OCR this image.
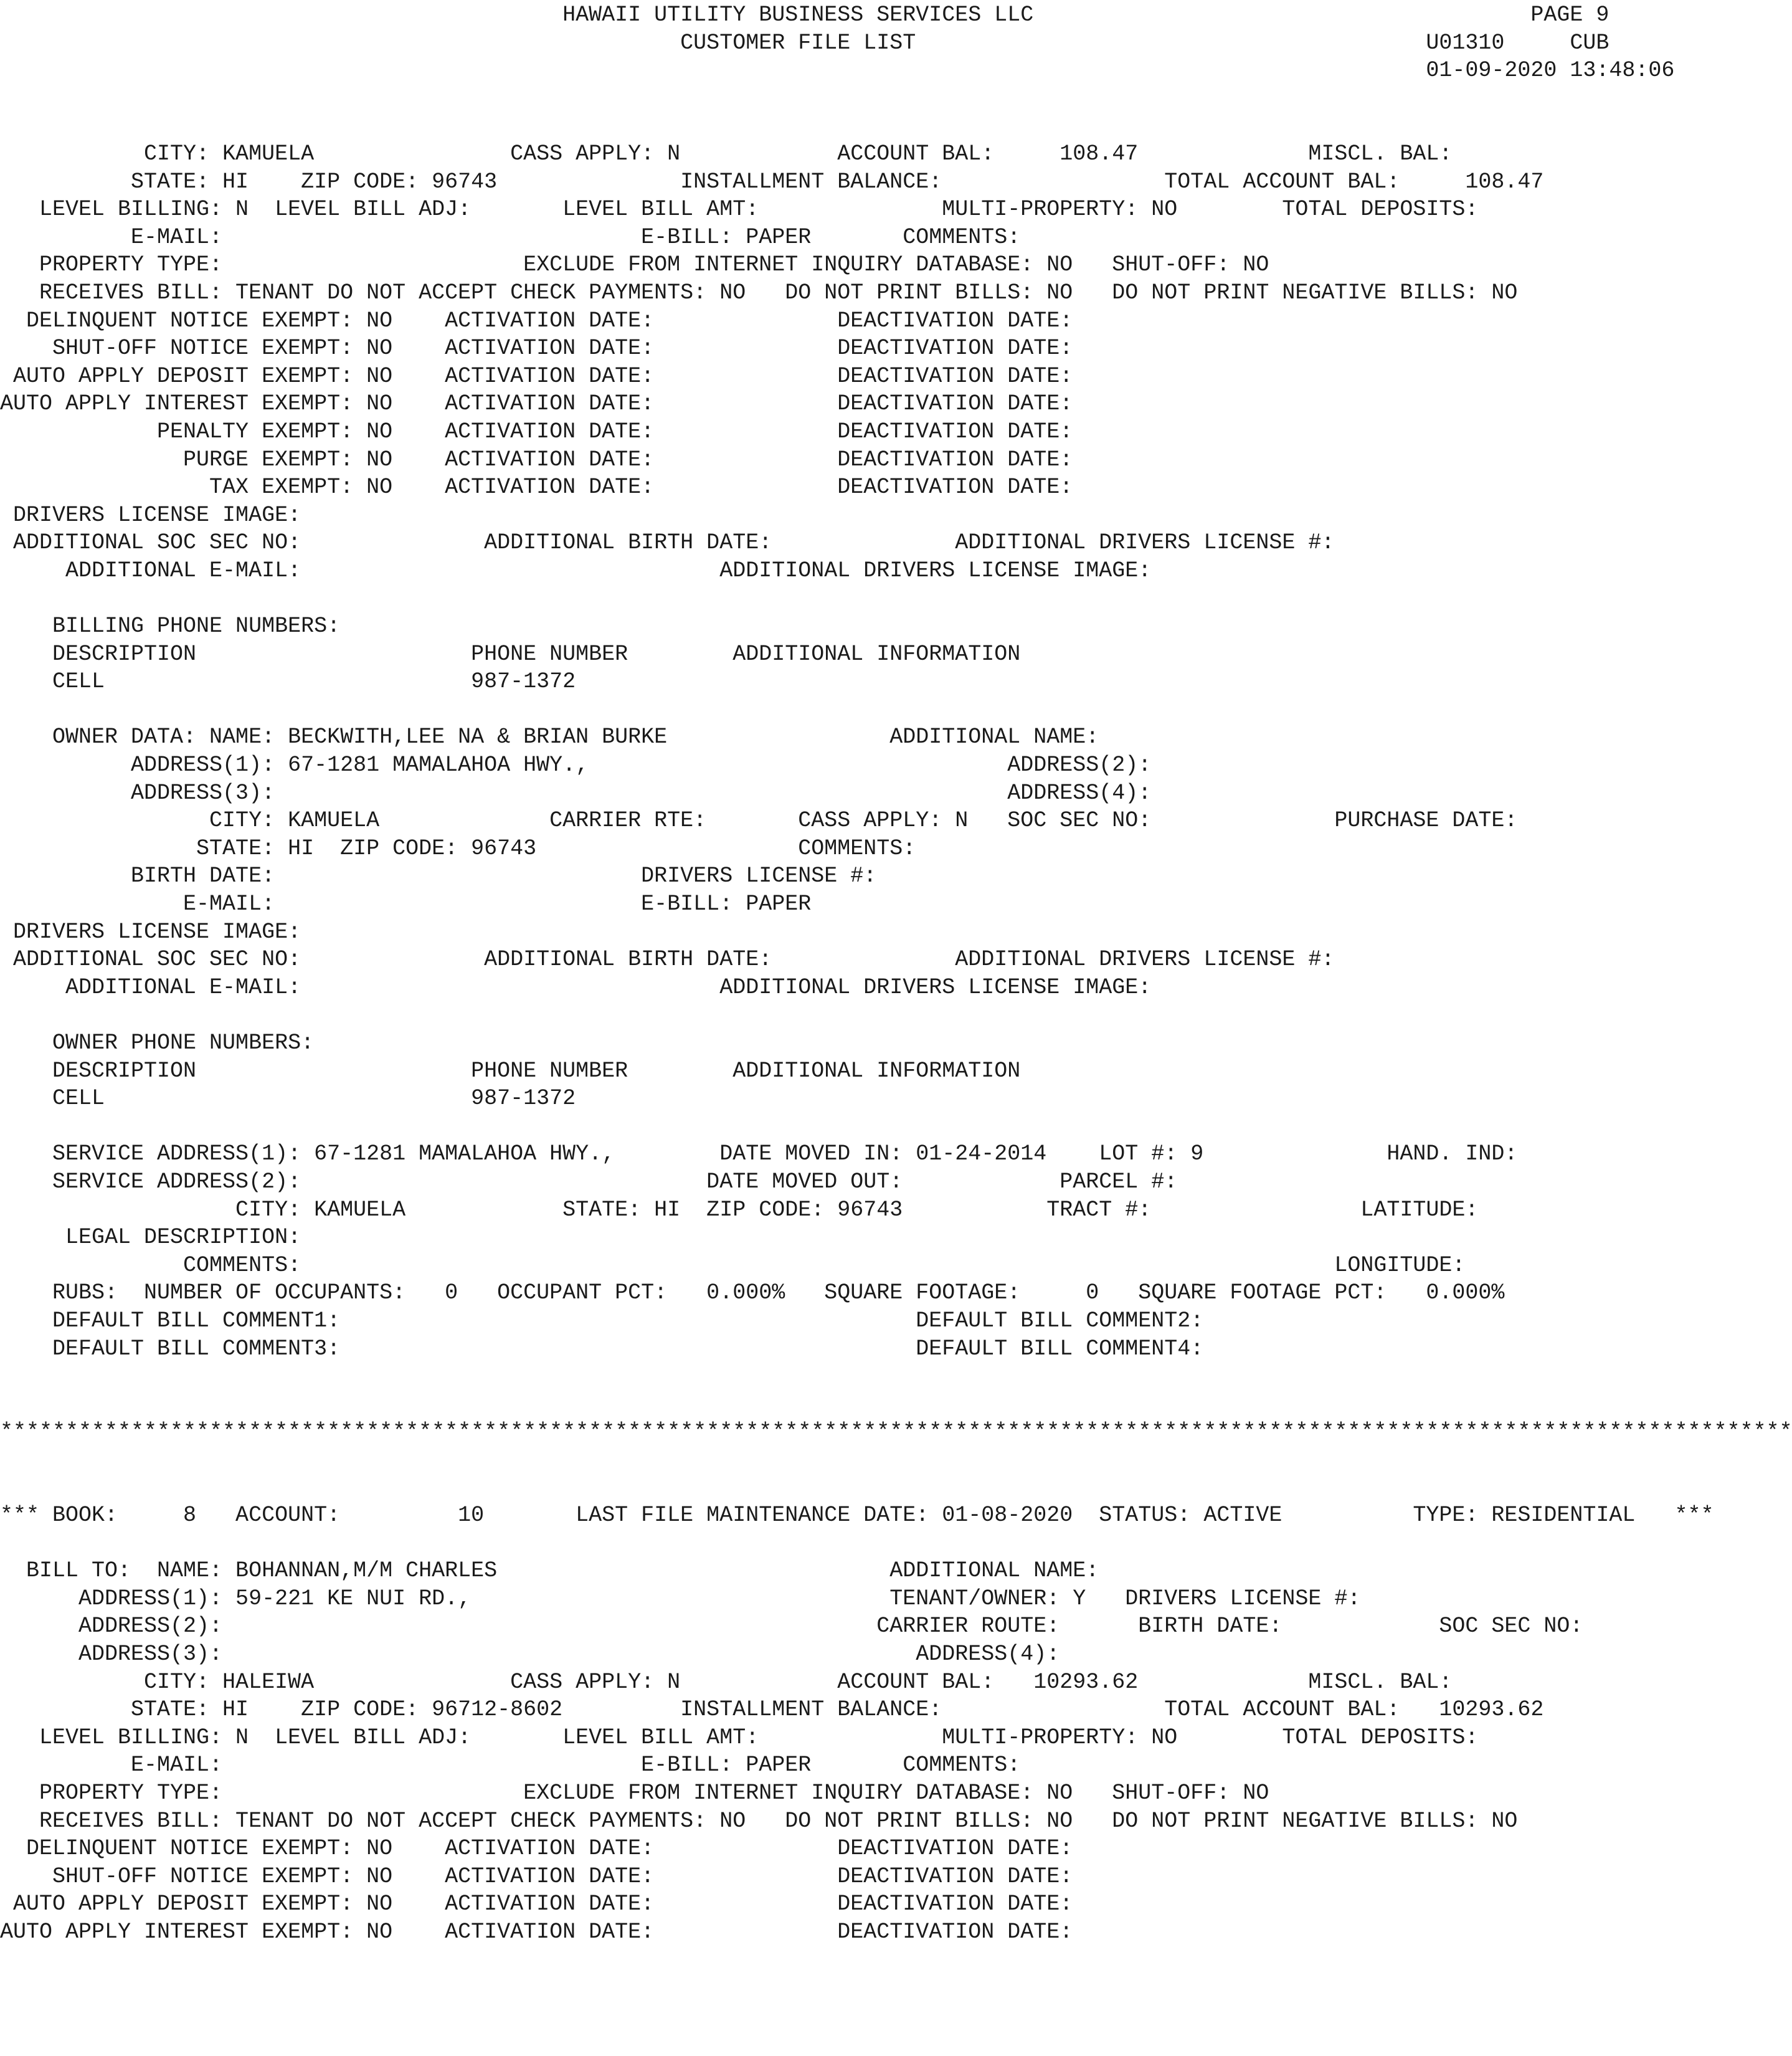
HAWAII UTILITY BUSINESS SERVICES LLC                                      PAGE 9
CUSTOMER FILE LIST                                       U01310     CUB
01-09-2020 13:48:06
CITY: KAMUELA               CASS APPLY: N            ACCOUNT BAL:     108.47             MISCL. BAL:
STATE: HI    ZIP CODE: 96743              INSTALLMENT BALANCE:                 TOTAL ACCOUNT BAL:     108.47
LEVEL BILLING: N  LEVEL BILL ADJ:       LEVEL BILL AMT:              MULTI-PROPERTY: NO        TOTAL DEPOSITS:
E-MAIL:                                E-BILL: PAPER       COMMENTS:
PROPERTY TYPE:                       EXCLUDE FROM INTERNET INQUIRY DATABASE: NO   SHUT-OFF: NO
RECEIVES BILL: TENANT DO NOT ACCEPT CHECK PAYMENTS: NO   DO NOT PRINT BILLS: NO   DO NOT PRINT NEGATIVE BILLS: NO
DELINQUENT NOTICE EXEMPT: NO    ACTIVATION DATE:              DEACTIVATION DATE:
SHUT-OFF NOTICE EXEMPT: NO    ACTIVATION DATE:              DEACTIVATION DATE:
AUTO APPLY DEPOSIT EXEMPT: NO    ACTIVATION DATE:              DEACTIVATION DATE:
AUTO APPLY INTEREST EXEMPT: NO    ACTIVATION DATE:              DEACTIVATION DATE:
PENALTY EXEMPT: NO    ACTIVATION DATE:              DEACTIVATION DATE:
PURGE EXEMPT: NO    ACTIVATION DATE:              DEACTIVATION DATE:
TAX EXEMPT: NO    ACTIVATION DATE:              DEACTIVATION DATE:
DRIVERS LICENSE IMAGE:
ADDITIONAL SOC SEC NO:              ADDITIONAL BIRTH DATE:              ADDITIONAL DRIVERS LICENSE #:
ADDITIONAL E-MAIL:                                ADDITIONAL DRIVERS LICENSE IMAGE:
BILLING PHONE NUMBERS:
DESCRIPTION                     PHONE NUMBER        ADDITIONAL INFORMATION
CELL                            987-1372
OWNER DATA: NAME: BECKWITH,LEE NA & BRIAN BURKE                 ADDITIONAL NAME:
ADDRESS(1): 67-1281 MAMALAHOA HWY.,                                ADDRESS(2):
ADDRESS(3):                                                        ADDRESS(4):
CITY: KAMUELA             CARRIER RTE:       CASS APPLY: N   SOC SEC NO:              PURCHASE DATE:
STATE: HI  ZIP CODE: 96743                    COMMENTS:
BIRTH DATE:                            DRIVERS LICENSE #:
E-MAIL:                            E-BILL: PAPER
DRIVERS LICENSE IMAGE:
ADDITIONAL SOC SEC NO:              ADDITIONAL BIRTH DATE:              ADDITIONAL DRIVERS LICENSE #:
ADDITIONAL E-MAIL:                                ADDITIONAL DRIVERS LICENSE IMAGE:
OWNER PHONE NUMBERS:
DESCRIPTION                     PHONE NUMBER        ADDITIONAL INFORMATION
CELL                            987-1372
SERVICE ADDRESS(1): 67-1281 MAMALAHOA HWY.,        DATE MOVED IN: 01-24-2014    LOT #: 9              HAND. IND:
SERVICE ADDRESS(2):                               DATE MOVED OUT:            PARCEL #:
CITY: KAMUELA            STATE: HI  ZIP CODE: 96743           TRACT #:                LATITUDE:
LEGAL DESCRIPTION:
COMMENTS:                                                                               LONGITUDE:
RUBS:  NUMBER OF OCCUPANTS:   0   OCCUPANT PCT:   0.000%   SQUARE FOOTAGE:     0   SQUARE FOOTAGE PCT:   0.000%
DEFAULT BILL COMMENT1:                                            DEFAULT BILL COMMENT2:
DEFAULT BILL COMMENT3:                                            DEFAULT BILL COMMENT4:
*****************************************************************************************************************************************
*** BOOK:     8   ACCOUNT:         10       LAST FILE MAINTENANCE DATE: 01-08-2020  STATUS: ACTIVE          TYPE: RESIDENTIAL   ***
BILL TO:  NAME: BOHANNAN,M/M CHARLES                              ADDITIONAL NAME:
ADDRESS(1): 59-221 KE NUI RD.,                                TENANT/OWNER: Y   DRIVERS LICENSE #:
ADDRESS(2):                                                  CARRIER ROUTE:      BIRTH DATE:            SOC SEC NO:
ADDRESS(3):                                                     ADDRESS(4):
CITY: HALEIWA               CASS APPLY: N            ACCOUNT BAL:   10293.62             MISCL. BAL:
STATE: HI    ZIP CODE: 96712-8602         INSTALLMENT BALANCE:                 TOTAL ACCOUNT BAL:   10293.62
LEVEL BILLING: N  LEVEL BILL ADJ:       LEVEL BILL AMT:              MULTI-PROPERTY: NO        TOTAL DEPOSITS:
E-MAIL:                                E-BILL: PAPER       COMMENTS:
PROPERTY TYPE:                       EXCLUDE FROM INTERNET INQUIRY DATABASE: NO   SHUT-OFF: NO
RECEIVES BILL: TENANT DO NOT ACCEPT CHECK PAYMENTS: NO   DO NOT PRINT BILLS: NO   DO NOT PRINT NEGATIVE BILLS: NO
DELINQUENT NOTICE EXEMPT: NO    ACTIVATION DATE:              DEACTIVATION DATE:
SHUT-OFF NOTICE EXEMPT: NO    ACTIVATION DATE:              DEACTIVATION DATE:
AUTO APPLY DEPOSIT EXEMPT: NO    ACTIVATION DATE:              DEACTIVATION DATE:
AUTO APPLY INTEREST EXEMPT: NO    ACTIVATION DATE:              DEACTIVATION DATE:
